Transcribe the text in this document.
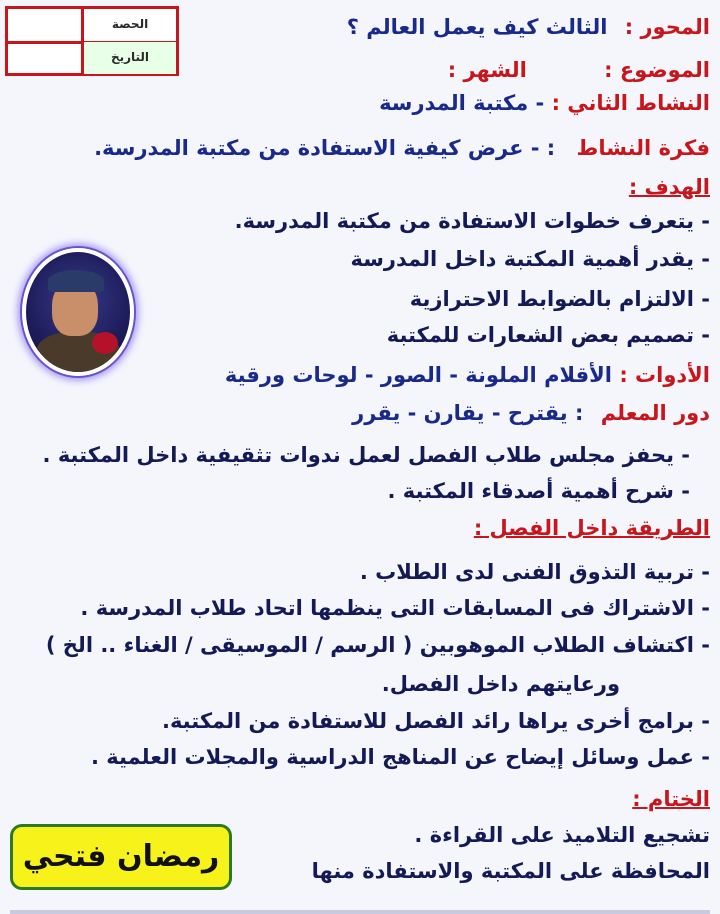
الحصة
التاريخ
المحور : الثالث كيف يعمل العالم ؟
الموضوع : الشهر :
النشاط الثاني : - مكتبة المدرسة
فكرة النشاط : - عرض كيفية الاستفادة من مكتبة المدرسة.
الهدف :
- يتعرف خطوات الاستفادة من مكتبة المدرسة.
- يقدر أهمية المكتبة داخل المدرسة
- الالتزام بالضوابط الاحترازية
- تصميم بعض الشعارات للمكتبة
الأدوات : الأقلام الملونة - الصور - لوحات ورقية
دور المعلم : يقترح - يقارن - يقرر
- يحفز مجلس طلاب الفصل لعمل ندوات تثقيفية داخل المكتبة .
- شرح أهمية أصدقاء المكتبة .
الطريقة داخل الفصل :
- تربية التذوق الفنى لدى الطلاب .
- الاشتراك فى المسابقات التى ينظمها اتحاد طلاب المدرسة .
- اكتشاف الطلاب الموهوبين ( الرسم / الموسيقى / الغناء .. الخ )
ورعايتهم داخل الفصل.
- برامج أخرى يراها رائد الفصل للاستفادة من المكتبة.
- عمل وسائل إيضاح عن المناهج الدراسية والمجلات العلمية .
الختام :
تشجيع التلاميذ على القراءة .
المحافظة على المكتبة والاستفادة منها
رمضان فتحي
